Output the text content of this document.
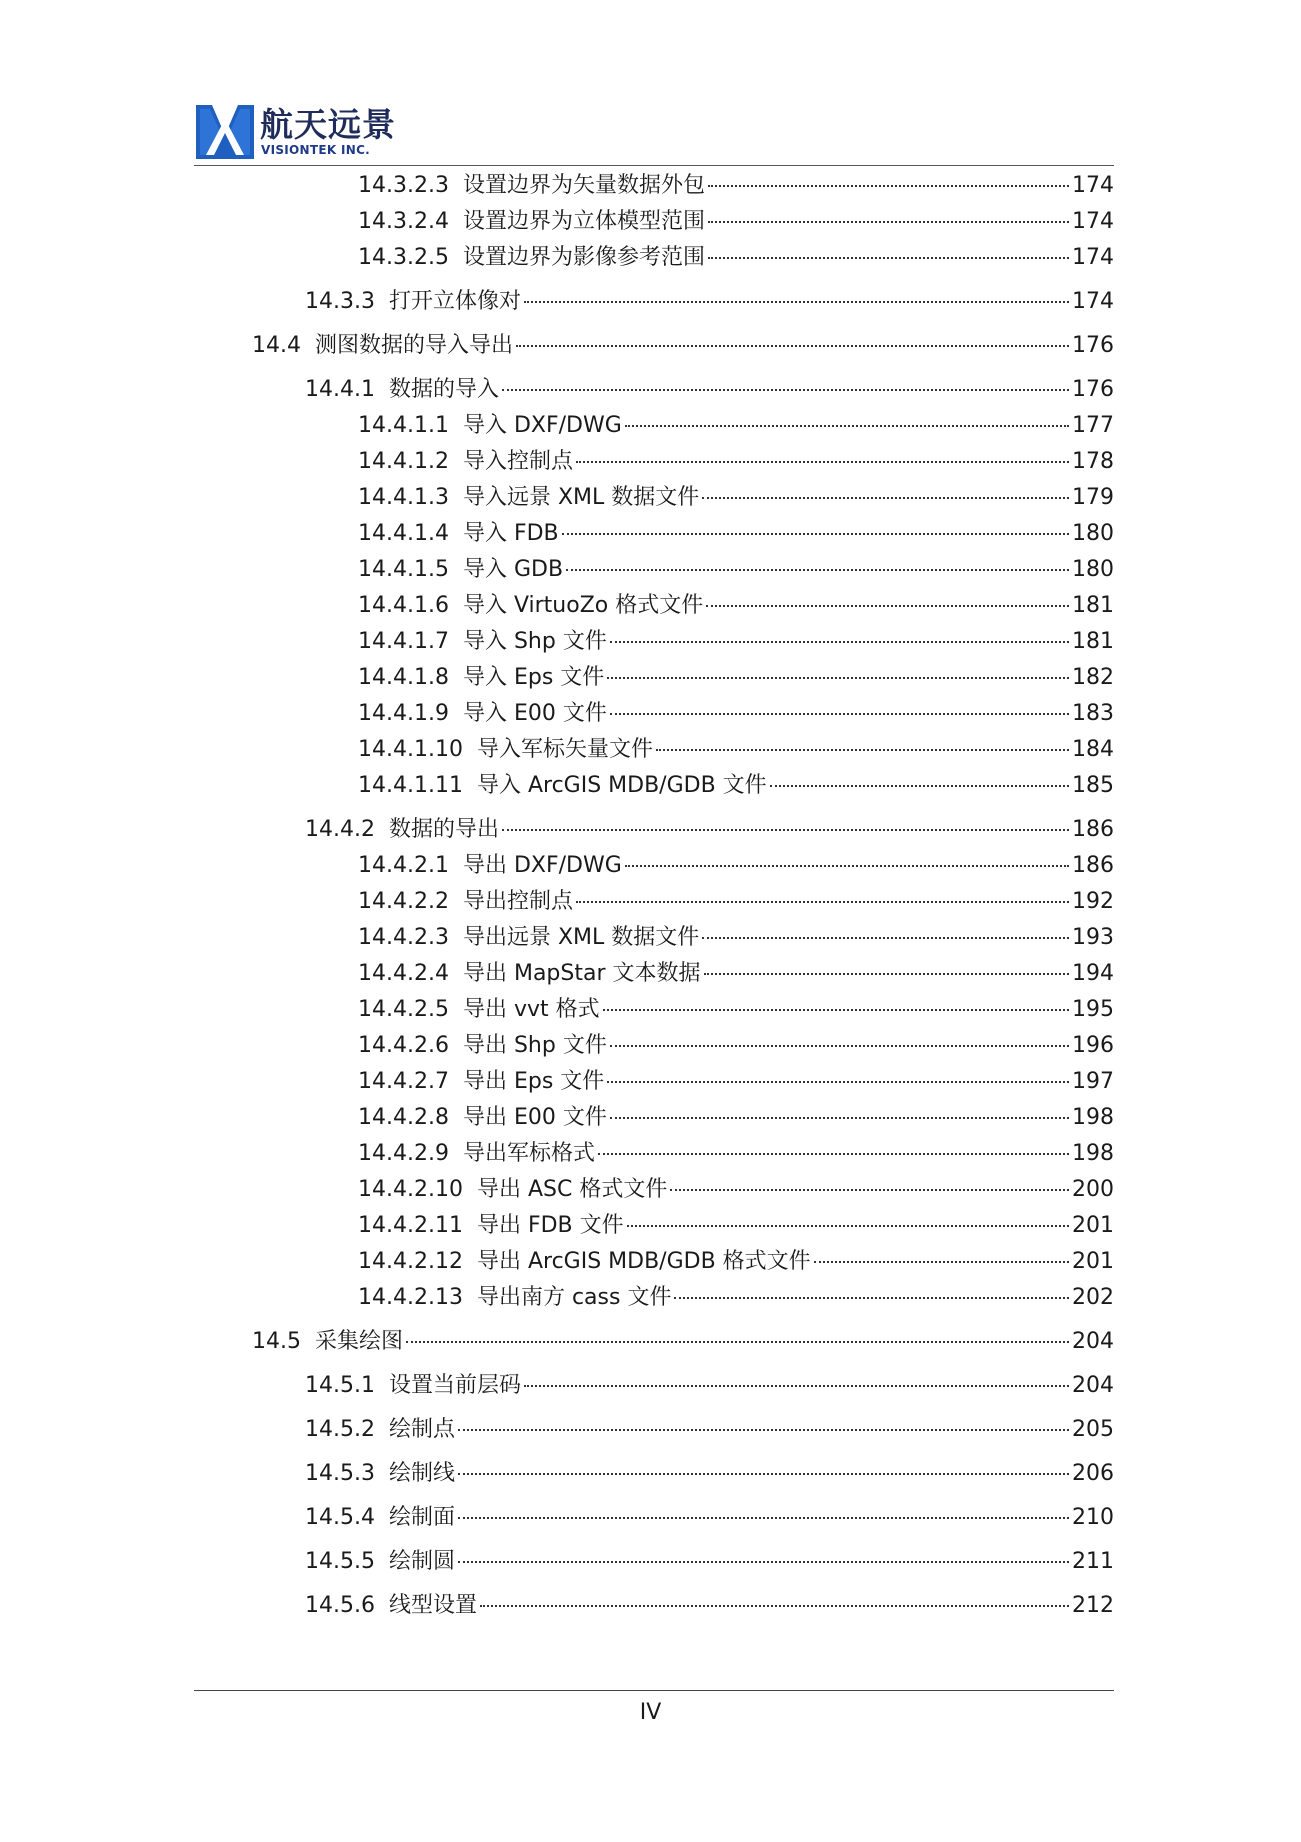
航天远景
VISIONTEK INC.
14.3.2.3 设置边界为矢量数据外包	174
14.3.2.4 设置边界为立体模型范围	174
14.3.2.5 设置边界为影像参考范围	174
14.3.3 打开立体像对	174
14.4 测图数据的导入导出	176
14.4.1 数据的导入	176
14.4.1.1 导入 DXF/DWG	177
14.4.1.2 导入控制点	178
14.4.1.3 导入远景 XML 数据文件	179
14.4.1.4 导入 FDB	180
14.4.1.5 导入 GDB	180
14.4.1.6 导入 VirtuoZo 格式文件	181
14.4.1.7 导入 Shp 文件	181
14.4.1.8 导入 Eps 文件	182
14.4.1.9 导入 E00 文件	183
14.4.1.10 导入军标矢量文件	184
14.4.1.11 导入 ArcGIS MDB/GDB 文件	185
14.4.2 数据的导出	186
14.4.2.1 导出 DXF/DWG	186
14.4.2.2 导出控制点	192
14.4.2.3 导出远景 XML 数据文件	193
14.4.2.4 导出 MapStar 文本数据	194
14.4.2.5 导出 vvt 格式	195
14.4.2.6 导出 Shp 文件	196
14.4.2.7 导出 Eps 文件	197
14.4.2.8 导出 E00 文件	198
14.4.2.9 导出军标格式	198
14.4.2.10 导出 ASC 格式文件	200
14.4.2.11 导出 FDB 文件	201
14.4.2.12 导出 ArcGIS MDB/GDB 格式文件	201
14.4.2.13 导出南方 cass 文件	202
14.5 采集绘图	204
14.5.1 设置当前层码	204
14.5.2 绘制点	205
14.5.3 绘制线	206
14.5.4 绘制面	210
14.5.5 绘制圆	211
14.5.6 线型设置	212
IV
